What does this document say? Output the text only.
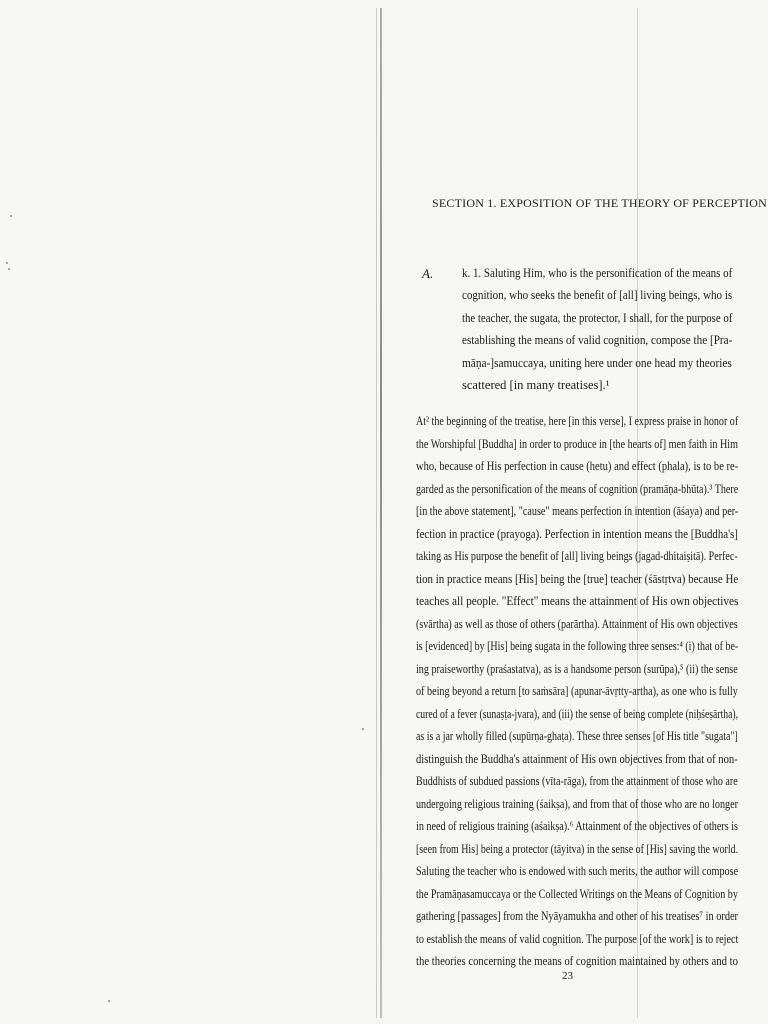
SECTION 1. EXPOSITION OF THE THEORY OF PERCEPTION
A. k. 1. Saluting Him, who is the personification of the means of
cognition, who seeks the benefit of [all] living beings, who is
the teacher, the sugata, the protector, I shall, for the purpose of
establishing the means of valid cognition, compose the [Pra-
māṇa-]samuccaya, uniting here under one head my theories
scattered [in many treatises].¹
At² the beginning of the treatise, here [in this verse], I express praise in honor of
the Worshipful [Buddha] in order to produce in [the hearts of] men faith in Him
who, because of His perfection in cause (hetu) and effect (phala), is to be re-
garded as the personification of the means of cognition (pramāṇa-bhūta).³ There
[in the above statement], "cause" means perfection in intention (āśaya) and per-
fection in practice (prayoga). Perfection in intention means the [Buddha's]
taking as His purpose the benefit of [all] living beings (jagad-dhitaiṣitā). Perfec-
tion in practice means [His] being the [true] teacher (śāstṛtva) because He
teaches all people. "Effect" means the attainment of His own objectives
(svārtha) as well as those of others (parārtha). Attainment of His own objectives
is [evidenced] by [His] being sugata in the following three senses:⁴ (i) that of be-
ing praiseworthy (praśastatva), as is a handsome person (surūpa),⁵ (ii) the sense
of being beyond a return [to saṁsāra] (apunar-āvṛtty-artha), as one who is fully
cured of a fever (sunaṣṭa-jvara), and (iii) the sense of being complete (niḥśeṣārtha),
as is a jar wholly filled (supūrṇa-ghaṭa). These three senses [of His title "sugata"]
distinguish the Buddha's attainment of His own objectives from that of non-
Buddhists of subdued passions (vīta-rāga), from the attainment of those who are
undergoing religious training (śaikṣa), and from that of those who are no longer
in need of religious training (aśaikṣa).⁶ Attainment of the objectives of others is
[seen from His] being a protector (tāyitva) in the sense of [His] saving the world.
Saluting the teacher who is endowed with such merits, the author will compose
the Pramāṇasamuccaya or the Collected Writings on the Means of Cognition by
gathering [passages] from the Nyāyamukha and other of his treatises⁷ in order
to establish the means of valid cognition. The purpose [of the work] is to reject
the theories concerning the means of cognition maintained by others and to
23
